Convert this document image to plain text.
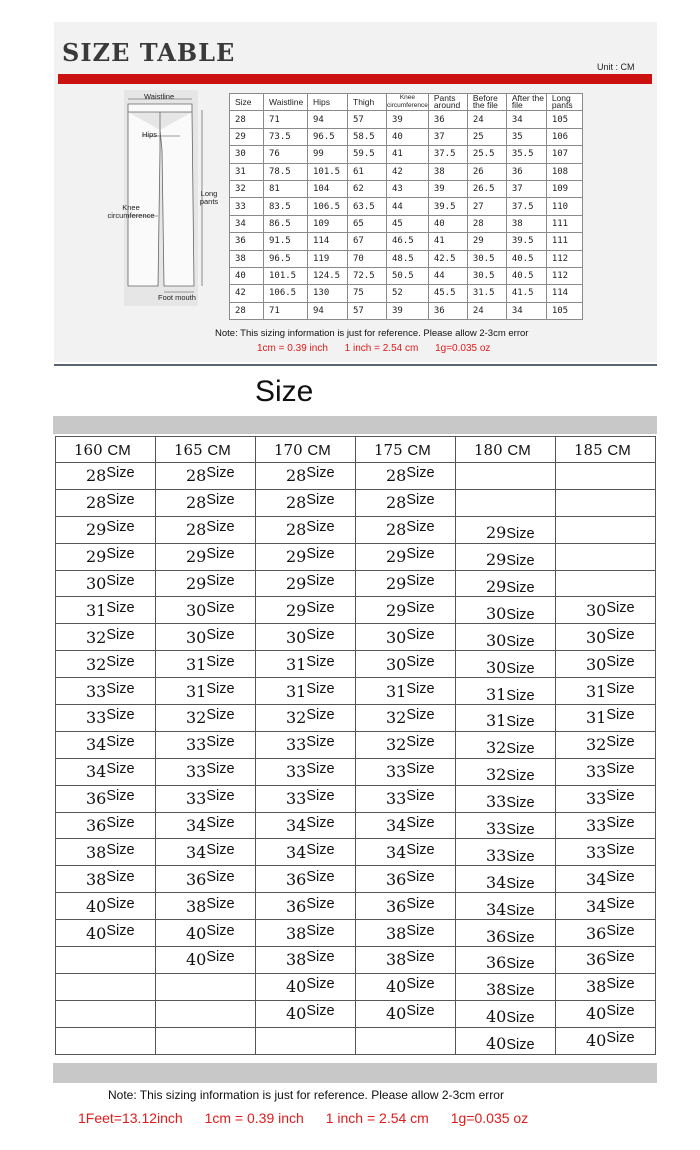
SIZE TABLE	Unit : CM
Waistline
Hips
Long pants
Knee circumference
Foot mouth
Size	Waistline	Hips	Thigh	Knee circumference	Pants around	Before the file	After the file	Long pants
28	71	94	57	39	36	24	34	105
29	73.5	96.5	58.5	40	37	25	35	106
30	76	99	59.5	41	37.5	25.5	35.5	107
31	78.5	101.5	61	42	38	26	36	108
32	81	104	62	43	39	26.5	37	109
33	83.5	106.5	63.5	44	39.5	27	37.5	110
34	86.5	109	65	45	40	28	38	111
36	91.5	114	67	46.5	41	29	39.5	111
38	96.5	119	70	48.5	42.5	30.5	40.5	112
40	101.5	124.5	72.5	50.5	44	30.5	40.5	112
42	106.5	130	75	52	45.5	31.5	41.5	114
28	71	94	57	39	36	24	34	105
Note: This sizing information is just for reference. Please allow 2-3cm error
1cm = 0.39 inch 1 inch = 2.54 cm 1g=0.035 oz
Size
160 CM	165 CM	170 CM	175 CM	180 CM	185 CM

28 Size	28 Size	28 Size	28 Size		

28 Size	28 Size	28 Size	28 Size		

29 Size	28 Size	28 Size	28 Size	29 Size	

29 Size	29 Size	29 Size	29 Size	29 Size	

30 Size	29 Size	29 Size	29 Size	29 Size	

31 Size	30 Size	29 Size	29 Size	30 Size	30 Size

32 Size	30 Size	30 Size	30 Size	30 Size	30 Size

32 Size	31 Size	31 Size	30 Size	30 Size	30 Size

33 Size	31 Size	31 Size	31 Size	31 Size	31 Size

33 Size	32 Size	32 Size	32 Size	31 Size	31 Size

34 Size	33 Size	33 Size	32 Size	32 Size	32 Size

34 Size	33 Size	33 Size	33 Size	32 Size	33 Size

36 Size	33 Size	33 Size	33 Size	33 Size	33 Size

36 Size	34 Size	34 Size	34 Size	33 Size	33 Size

38 Size	34 Size	34 Size	34 Size	33 Size	33 Size

38 Size	36 Size	36 Size	36 Size	34 Size	34 Size

40 Size	38 Size	36 Size	36 Size	34 Size	34 Size

40 Size	40 Size	38 Size	38 Size	36 Size	36 Size

	40 Size	38 Size	38 Size	36 Size	36 Size

		40 Size	40 Size	38 Size	38 Size

		40 Size	40 Size	40 Size	40 Size

				40 Size	40 Size
Note: This sizing information is just for reference. Please allow 2-3cm error
1Feet=13.12inch 1cm = 0.39 inch 1 inch = 2.54 cm 1g=0.035 oz
